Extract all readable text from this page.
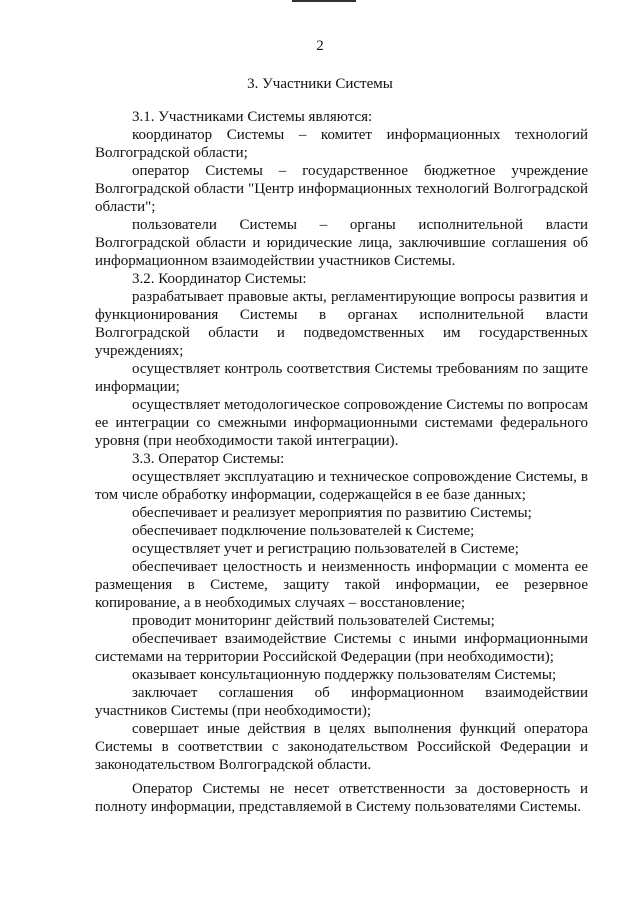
2
3. Участники Системы

3.1. Участниками Системы являются:

координатор Системы – комитет информационных технологий Волгоградской области;

оператор Системы – государственное бюджетное учреждение Волгоградской области "Центр информационных технологий Волгоградской области";

пользователи Системы – органы исполнительной власти Волгоградской области и юридические лица, заключившие соглашения об информационном взаимодействии участников Системы.

3.2. Координатор Системы:

разрабатывает правовые акты, регламентирующие вопросы развития и функционирования Системы в органах исполнительной власти Волгоградской области и подведомственных им государственных учреждениях;

осуществляет контроль соответствия Системы требованиям по защите информации;

осуществляет методологическое сопровождение Системы по вопросам ее интеграции со смежными информационными системами федерального уровня (при необходимости такой интеграции).

3.3. Оператор Системы:

осуществляет эксплуатацию и техническое сопровождение Системы, в том числе обработку информации, содержащейся в ее базе данных;

обеспечивает и реализует мероприятия по развитию Системы;

обеспечивает подключение пользователей к Системе;

осуществляет учет и регистрацию пользователей в Системе;

обеспечивает целостность и неизменность информации с момента ее размещения в Системе, защиту такой информации, ее резервное копирование, а в необходимых случаях – восстановление;

проводит мониторинг действий пользователей Системы;

обеспечивает взаимодействие Системы с иными информационными системами на территории Российской Федерации (при необходимости);

оказывает консультационную поддержку пользователям Системы;

заключает соглашения об информационном взаимодействии участников Системы (при необходимости);

совершает иные действия в целях выполнения функций оператора Системы в соответствии с законодательством Российской Федерации и законодательством Волгоградской области.

Оператор Системы не несет ответственности за достоверность и полноту информации, представляемой в Систему пользователями Системы.
